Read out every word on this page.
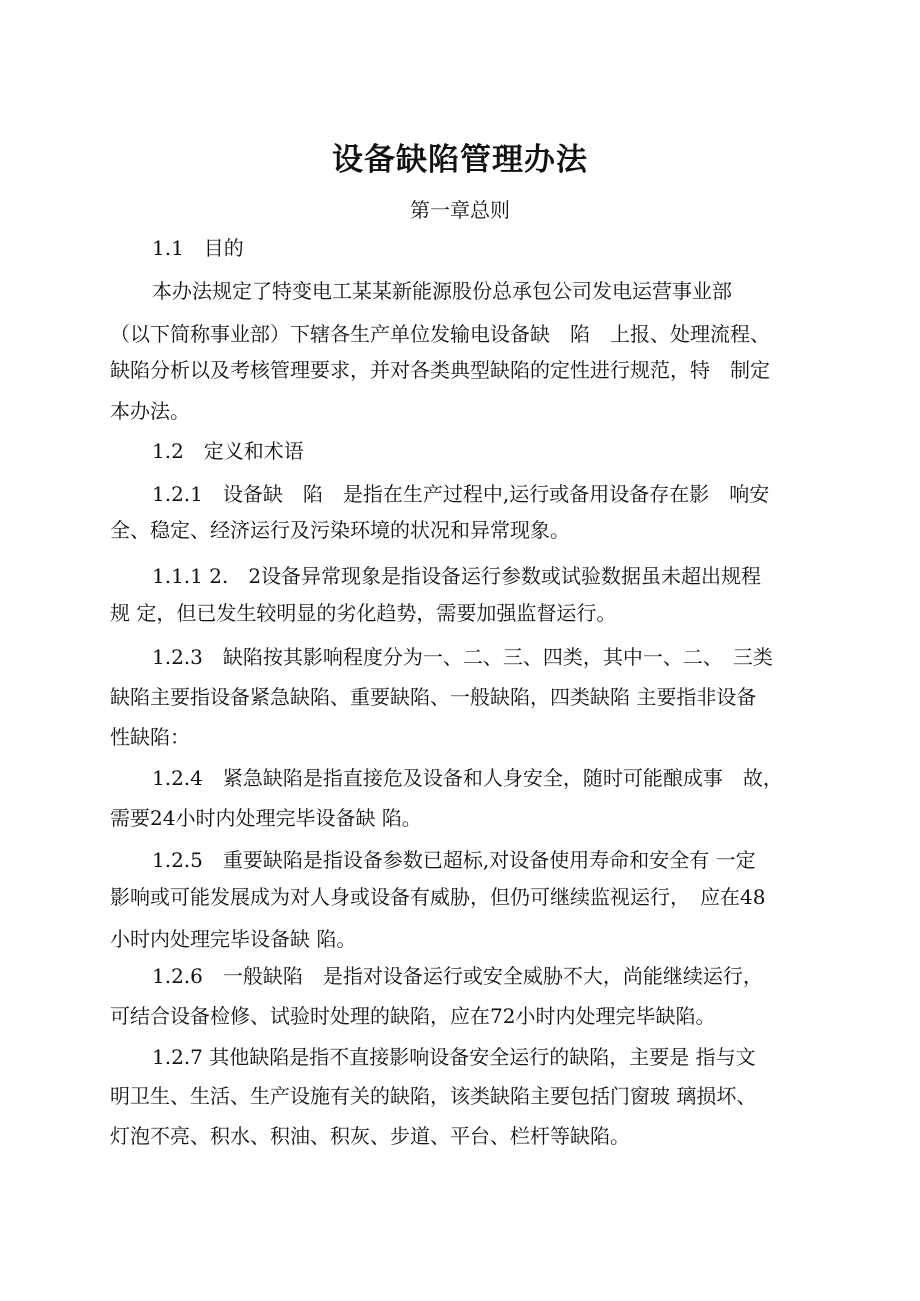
设备缺陷管理办法
第一章总则
1.1　目的
本办法规定了特变电工某某新能源股份总承包公司发电运营事业部
（以下简称事业部）下辖各生产单位发输电设备缺　陷　上报、处理流程、
缺陷分析以及考核管理要求，并对各类典型缺陷的定性进行规范，特　制定
本办法。
1.2　定义和术语
1.2.1　设备缺　陷　是指在生产过程中,运行或备用设备存在影　响安
全、稳定、经济运行及污染环境的状况和异常现象。
1.1.1 2.　2设备异常现象是指设备运行参数或试验数据虽未超出规程
规 定，但已发生较明显的劣化趋势，需要加强监督运行。
1.2.3　缺陷按其影响程度分为一、二、三、四类，其中一、二、　三类
缺陷主要指设备紧急缺陷、重要缺陷、一般缺陷，四类缺陷 主要指非设备
性缺陷：
1.2.4　紧急缺陷是指直接危及设备和人身安全，随时可能酿成事　故，
需要24小时内处理完毕设备缺 陷。
1.2.5　重要缺陷是指设备参数已超标,对设备使用寿命和安全有 一定
影响或可能发展成为对人身或设备有威胁，但仍可继续监视运行，　应在48
小时内处理完毕设备缺 陷。
1.2.6　一般缺陷　是指对设备运行或安全威胁不大，尚能继续运行，
可结合设备检修、试验时处理的缺陷，应在72小时内处理完毕缺陷。
1.2.7 其他缺陷是指不直接影响设备安全运行的缺陷，主要是 指与文
明卫生、生活、生产设施有关的缺陷，该类缺陷主要包括门窗玻 璃损坏、
灯泡不亮、积水、积油、积灰、步道、平台、栏杆等缺陷。
